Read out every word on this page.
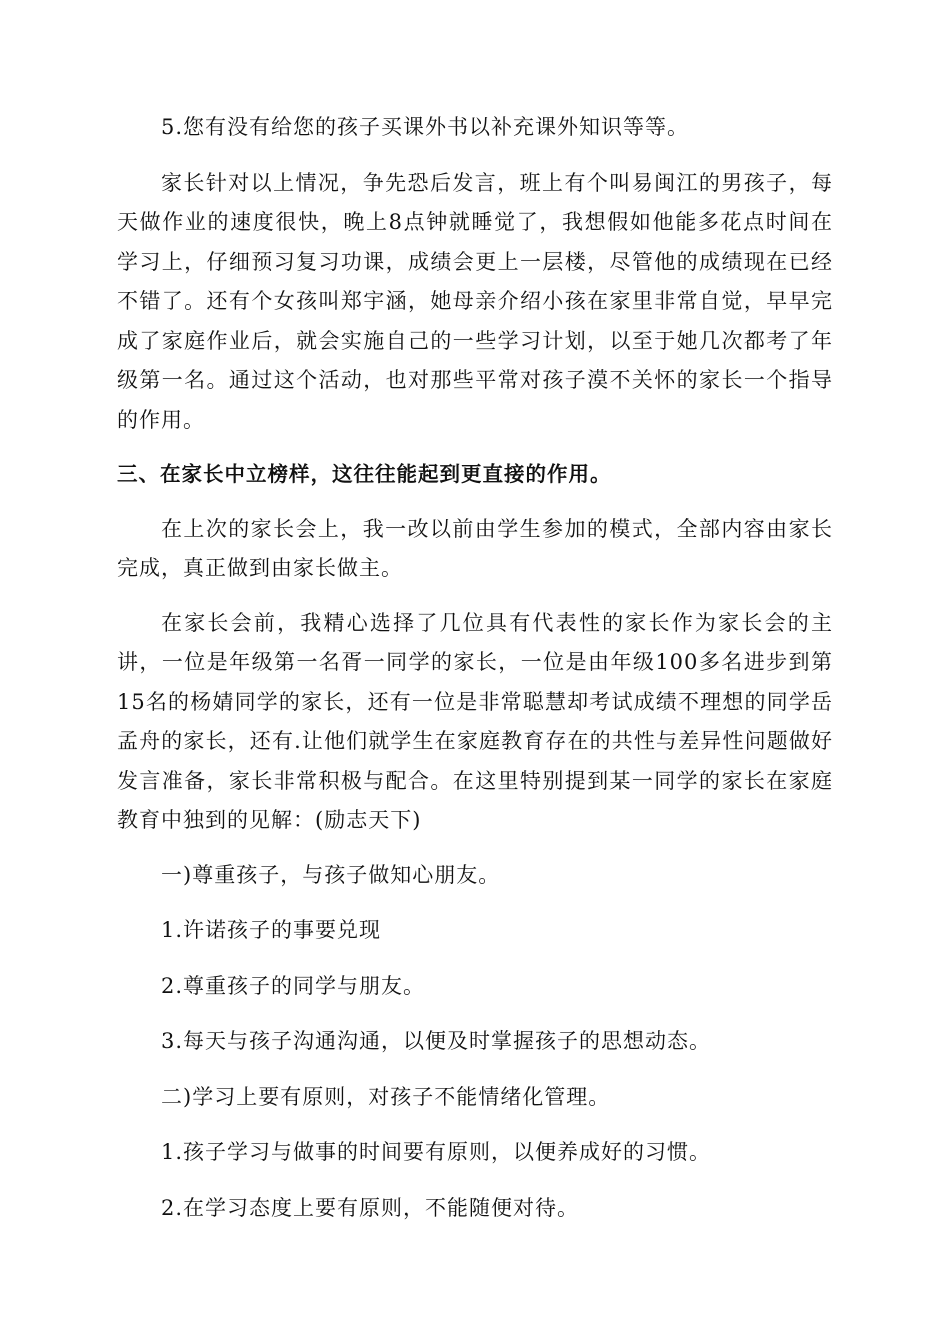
5.您有没有给您的孩子买课外书以补充课外知识等等。

家长针对以上情况，争先恐后发言，班上有个叫易闽江的男孩子，每天做作业的速度很快，晚上8点钟就睡觉了，我想假如他能多花点时间在学习上，仔细预习复习功课，成绩会更上一层楼，尽管他的成绩现在已经不错了。还有个女孩叫郑宇涵，她母亲介绍小孩在家里非常自觉，早早完成了家庭作业后，就会实施自己的一些学习计划，以至于她几次都考了年级第一名。通过这个活动，也对那些平常对孩子漠不关怀的家长一个指导的作用。

三、在家长中立榜样，这往往能起到更直接的作用。

在上次的家长会上，我一改以前由学生参加的模式，全部内容由家长完成，真正做到由家长做主。

在家长会前，我精心选择了几位具有代表性的家长作为家长会的主讲，一位是年级第一名胥一同学的家长，一位是由年级100多名进步到第15名的杨婧同学的家长，还有一位是非常聪慧却考试成绩不理想的同学岳孟舟的家长，还有.让他们就学生在家庭教育存在的共性与差异性问题做好发言准备，家长非常积极与配合。在这里特别提到某一同学的家长在家庭教育中独到的见解：(励志天下)

一)尊重孩子，与孩子做知心朋友。

1.许诺孩子的事要兑现

2.尊重孩子的同学与朋友。

3.每天与孩子沟通沟通，以便及时掌握孩子的思想动态。

二)学习上要有原则，对孩子不能情绪化管理。

1.孩子学习与做事的时间要有原则，以便养成好的习惯。

2.在学习态度上要有原则，不能随便对待。
